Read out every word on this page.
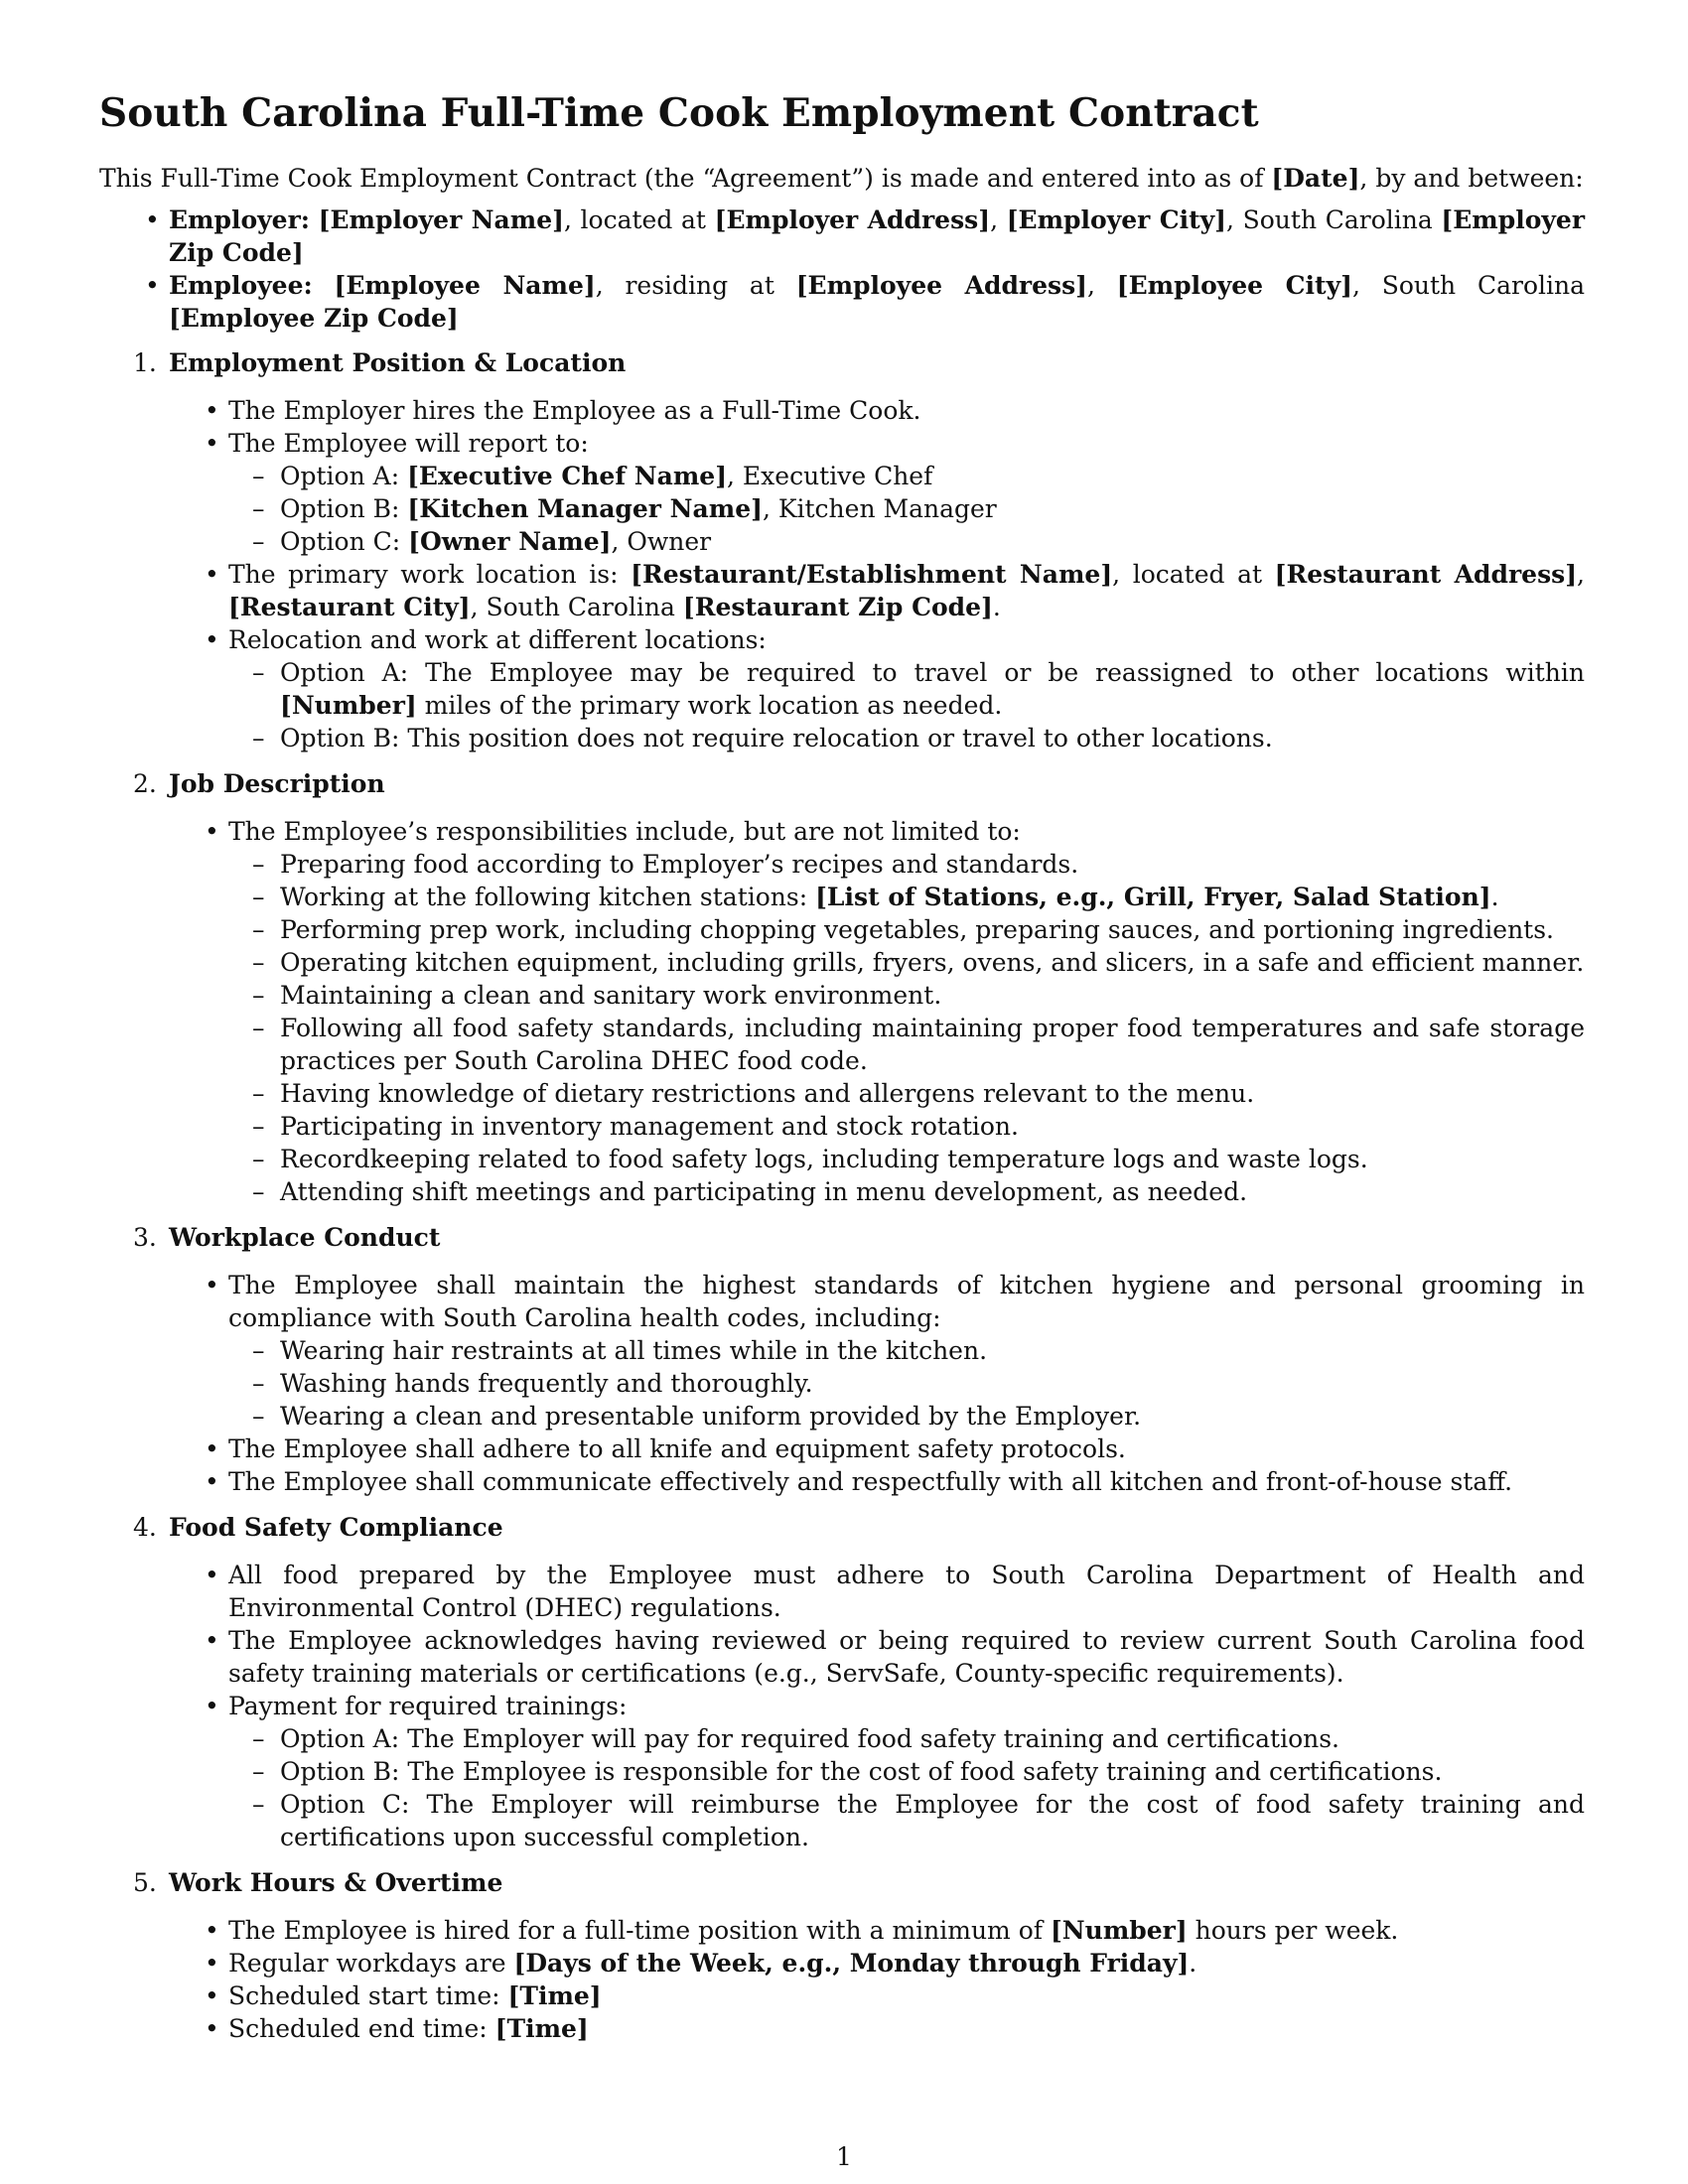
South Carolina Full-Time Cook Employment Contract

This Full-Time Cook Employment Contract (the “Agreement”) is made and entered into as of [Date], by and between:

• Employer: [Employer Name], located at [Employer Address], [Employer City], South Carolina [Employer Zip Code]
• Employee: [Employee Name], residing at [Employee Address], [Employee City], South Carolina [Employee Zip Code]
1. Employment Position & Location
• The Employer hires the Employee as a Full-Time Cook.
• The Employee will report to:
– Option A: [Executive Chef Name], Executive Chef
– Option B: [Kitchen Manager Name], Kitchen Manager
– Option C: [Owner Name], Owner
• The primary work location is: [Restaurant/Establishment Name], located at [Restaurant Address], [Restaurant City], South Carolina [Restaurant Zip Code].
• Relocation and work at different locations:
– Option A: The Employee may be required to travel or be reassigned to other locations within [Number] miles of the primary work location as needed.
– Option B: This position does not require relocation or travel to other locations.
2. Job Description
• The Employee’s responsibilities include, but are not limited to:
– Preparing food according to Employer’s recipes and standards.
– Working at the following kitchen stations: [List of Stations, e.g., Grill, Fryer, Salad Station].
– Performing prep work, including chopping vegetables, preparing sauces, and portioning ingredients.
– Operating kitchen equipment, including grills, fryers, ovens, and slicers, in a safe and efficient manner.
– Maintaining a clean and sanitary work environment.
– Following all food safety standards, including maintaining proper food temperatures and safe storage practices per South Carolina DHEC food code.
– Having knowledge of dietary restrictions and allergens relevant to the menu.
– Participating in inventory management and stock rotation.
– Recordkeeping related to food safety logs, including temperature logs and waste logs.
– Attending shift meetings and participating in menu development, as needed.
3. Workplace Conduct
• The Employee shall maintain the highest standards of kitchen hygiene and personal grooming in compliance with South Carolina health codes, including:
– Wearing hair restraints at all times while in the kitchen.
– Washing hands frequently and thoroughly.
– Wearing a clean and presentable uniform provided by the Employer.
• The Employee shall adhere to all knife and equipment safety protocols.
• The Employee shall communicate effectively and respectfully with all kitchen and front-of-house staff.
4. Food Safety Compliance
• All food prepared by the Employee must adhere to South Carolina Department of Health and Environmental Control (DHEC) regulations.
• The Employee acknowledges having reviewed or being required to review current South Carolina food safety training materials or certifications (e.g., ServSafe, County-specific requirements).
• Payment for required trainings:
– Option A: The Employer will pay for required food safety training and certifications.
– Option B: The Employee is responsible for the cost of food safety training and certifications.
– Option C: The Employer will reimburse the Employee for the cost of food safety training and certifications upon successful completion.
5. Work Hours & Overtime
• The Employee is hired for a full-time position with a minimum of [Number] hours per week.
• Regular workdays are [Days of the Week, e.g., Monday through Friday].
• Scheduled start time: [Time]
• Scheduled end time: [Time]
1
